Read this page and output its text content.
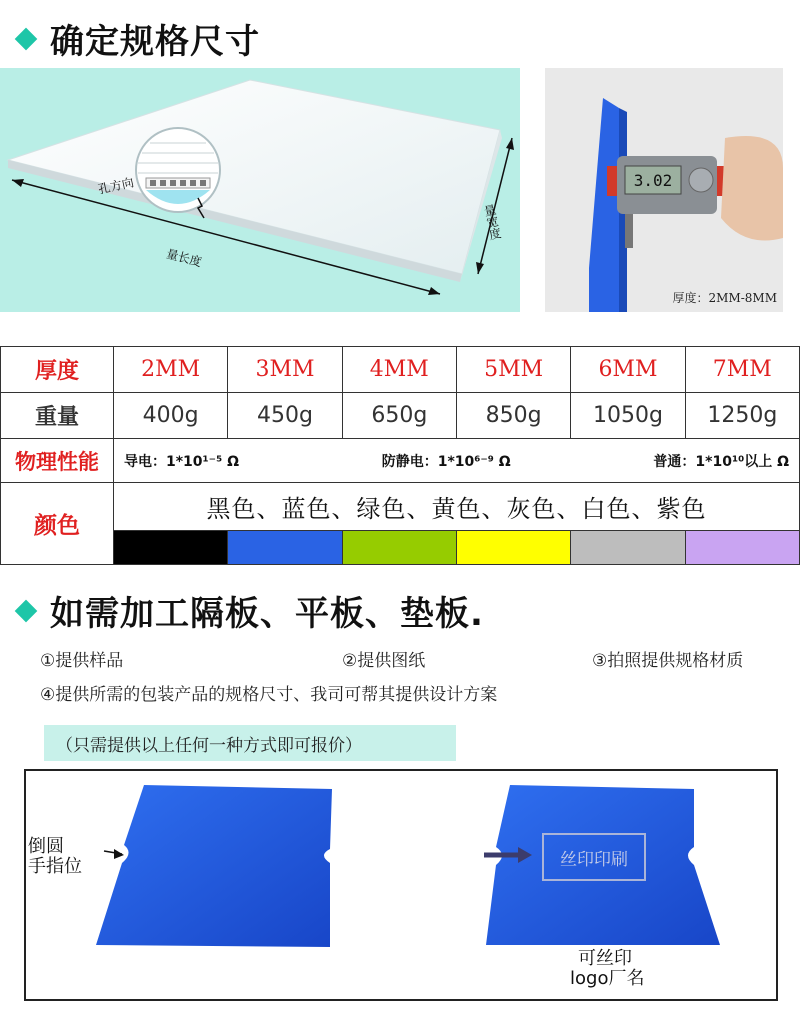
确定规格尺寸
孔方向
量长度
量宽度
3.02
厚度：2MM-8MM
厚度	2MM	3MM	4MM	5MM	6MM	7MM
重量	400g	450g	650g	850g	1050g	1250g
物理性能	导电：1*10¹⁻⁵ Ω 防静电：1*10⁶⁻⁹ Ω 普通：1*10¹⁰以上 Ω					

颜色	黑色、蓝色、绿色、黄色、灰色、白色、紫色					

如需加工隔板、平板、垫板.
①提供样品	②提供图纸	③拍照提供规格材质
④提供所需的包装产品的规格尺寸、我司可帮其提供设计方案
（只需提供以上任何一种方式即可报价）
倒圆
手指位	丝印印刷
可丝印
logo厂名
